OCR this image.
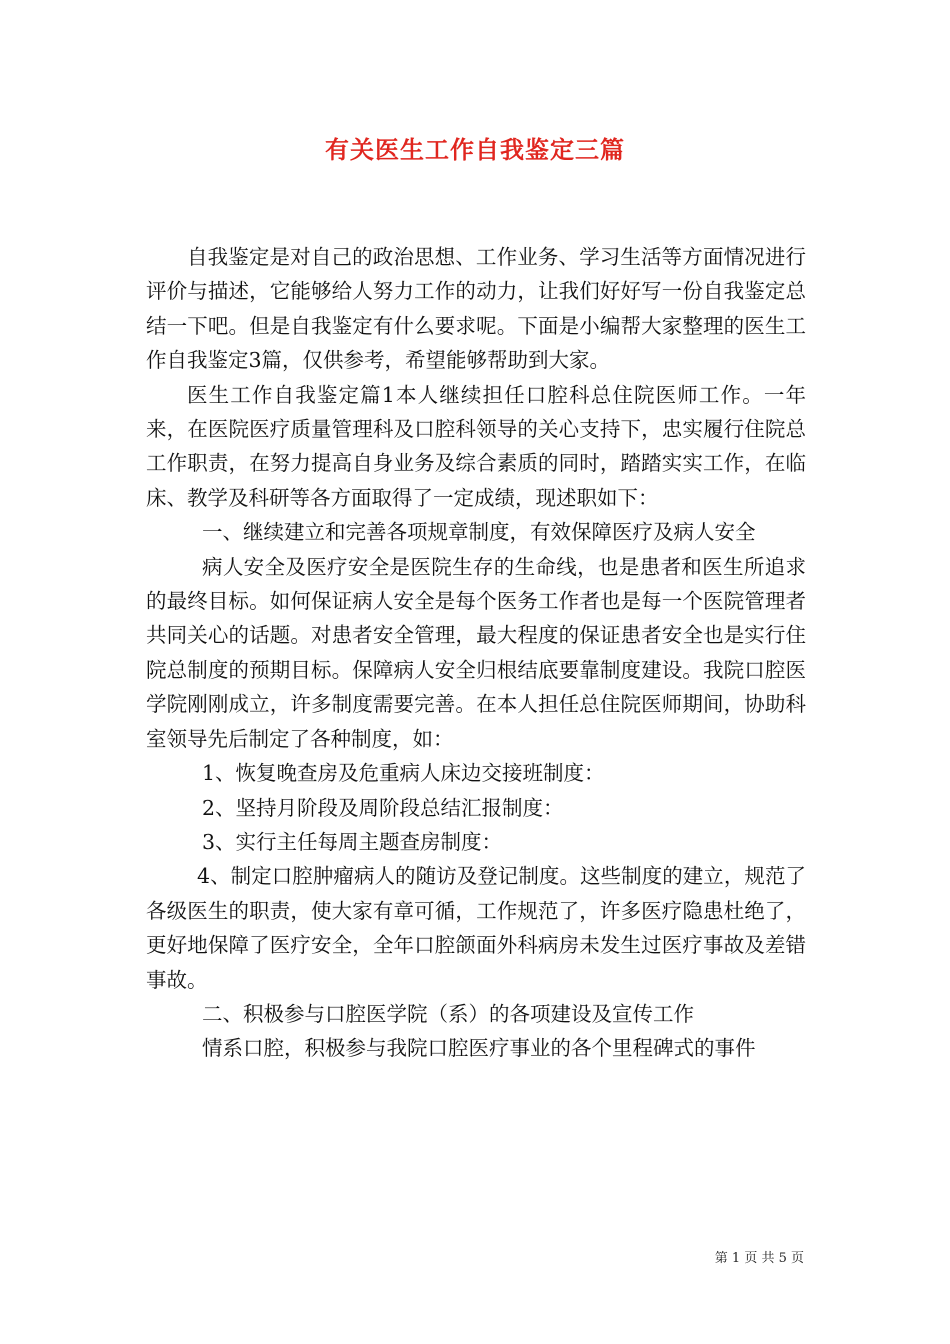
有关医生工作自我鉴定三篇

自我鉴定是对自己的政治思想、工作业务、学习生活等方面情况进行评价与描述，它能够给人努力工作的动力，让我们好好写一份自我鉴定总结一下吧。但是自我鉴定有什么要求呢。下面是小编帮大家整理的医生工作自我鉴定3篇，仅供参考，希望能够帮助到大家。

医生工作自我鉴定篇1本人继续担任口腔科总住院医师工作。一年来，在医院医疗质量管理科及口腔科领导的关心支持下，忠实履行住院总工作职责，在努力提高自身业务及综合素质的同时，踏踏实实工作，在临床、教学及科研等各方面取得了一定成绩，现述职如下：

一、继续建立和完善各项规章制度，有效保障医疗及病人安全

病人安全及医疗安全是医院生存的生命线，也是患者和医生所追求的最终目标。如何保证病人安全是每个医务工作者也是每一个医院管理者共同关心的话题。对患者安全管理，最大程度的保证患者安全也是实行住院总制度的预期目标。保障病人安全归根结底要靠制度建设。我院口腔医学院刚刚成立，许多制度需要完善。在本人担任总住院医师期间，协助科室领导先后制定了各种制度，如：

1、恢复晚查房及危重病人床边交接班制度：

2、坚持月阶段及周阶段总结汇报制度：

3、实行主任每周主题查房制度：

4、制定口腔肿瘤病人的随访及登记制度。这些制度的建立，规范了各级医生的职责，使大家有章可循，工作规范了，许多医疗隐患杜绝了，更好地保障了医疗安全，全年口腔颌面外科病房未发生过医疗事故及差错事故。

二、积极参与口腔医学院（系）的各项建设及宣传工作

情系口腔，积极参与我院口腔医疗事业的各个里程碑式的事件

第 1 页 共 5 页
